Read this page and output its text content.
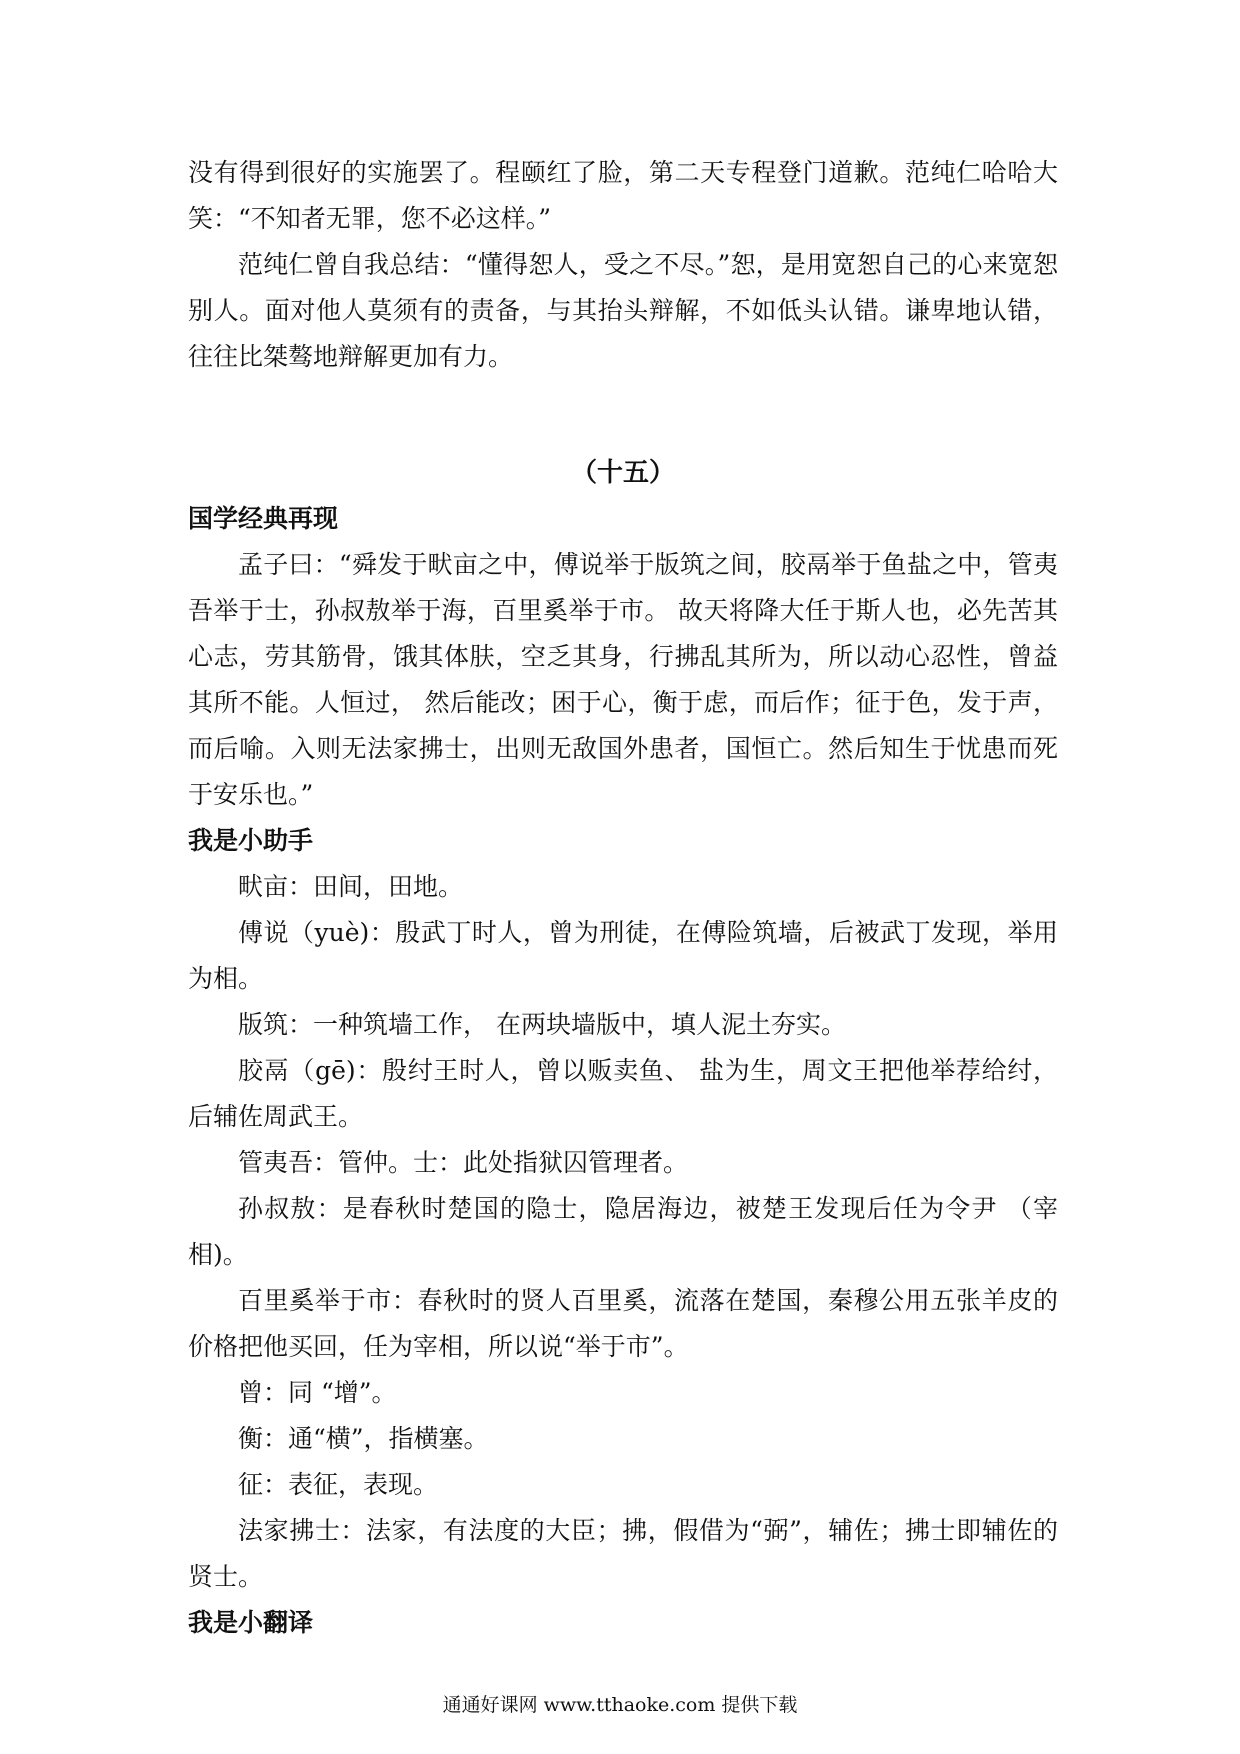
没有得到很好的实施罢了。程颐红了脸，第二天专程登门道歉。范纯仁哈哈大笑：“不知者无罪，您不必这样。”

范纯仁曾自我总结：“懂得恕人，受之不尽。”恕，是用宽恕自己的心来宽恕别人。面对他人莫须有的责备，与其抬头辩解，不如低头认错。谦卑地认错，往往比桀骜地辩解更加有力。

（十五）

国学经典再现

孟子曰：“舜发于畎亩之中，傅说举于版筑之间，胶鬲举于鱼盐之中，管夷吾举于士，孙叔敖举于海，百里奚举于市。 故天将降大任于斯人也，必先苦其心志，劳其筋骨，饿其体肤，空乏其身，行拂乱其所为，所以动心忍性，曾益其所不能。人恒过， 然后能改；困于心，衡于虑，而后作；征于色，发于声，而后喻。入则无法家拂士，出则无敌国外患者，国恒亡。然后知生于忧患而死于安乐也。”

我是小助手

畎亩：田间，田地。

傅说（yuè)：殷武丁时人，曾为刑徒，在傅险筑墙，后被武丁发现，举用为相。

版筑：一种筑墙工作， 在两块墙版中，填人泥土夯实。

胶鬲（gē)：殷纣王时人，曾以贩卖鱼、 盐为生，周文王把他举荐给纣，后辅佐周武王。

管夷吾：管仲。士：此处指狱囚管理者。

孙叔敖：是春秋时楚国的隐士，隐居海边，被楚王发现后任为令尹 （宰相)。

百里奚举于市：春秋时的贤人百里奚，流落在楚国，秦穆公用五张羊皮的价格把他买回，任为宰相，所以说“举于市”。

曾：同 “增”。

衡：通“横”，指横塞。

征：表征，表现。

法家拂士：法家，有法度的大臣；拂，假借为“弼”，辅佐；拂士即辅佐的贤士。

我是小翻译

通通好课网 www.tthaoke.com 提供下载
